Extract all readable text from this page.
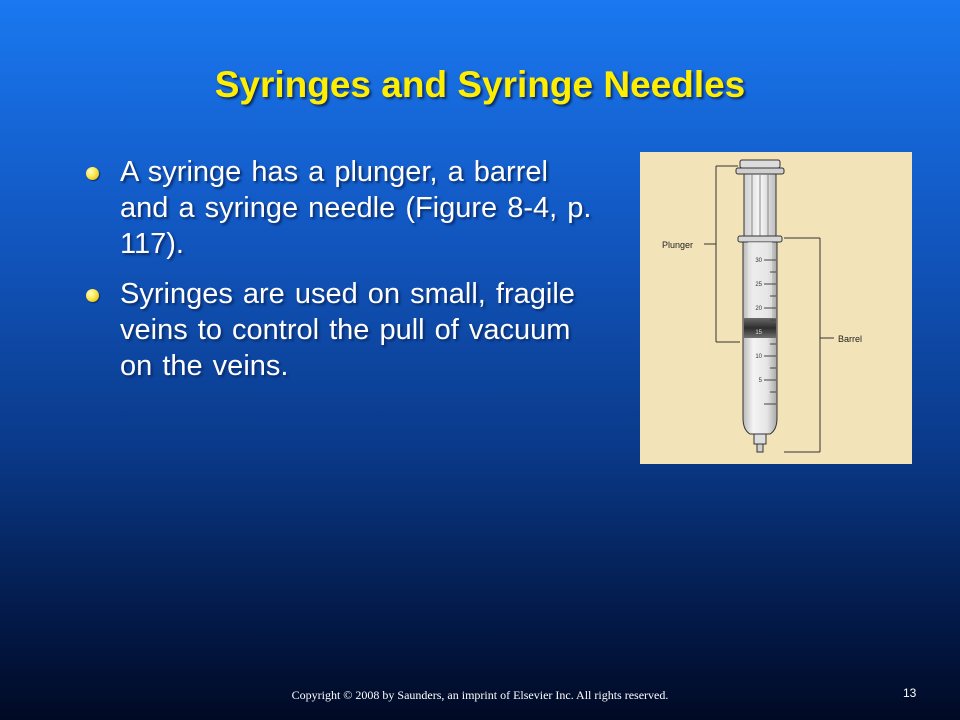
Syringes and Syringe Needles
A syringe has a plunger, a barrel and a syringe needle (Figure 8-4, p. 117).
Syringes are used on small, fragile veins to control the pull of vacuum on the veins.
30
25
20
15
10
5
Plunger
Barrel
Copyright © 2008 by Saunders, an imprint of Elsevier Inc. All rights reserved.	13
